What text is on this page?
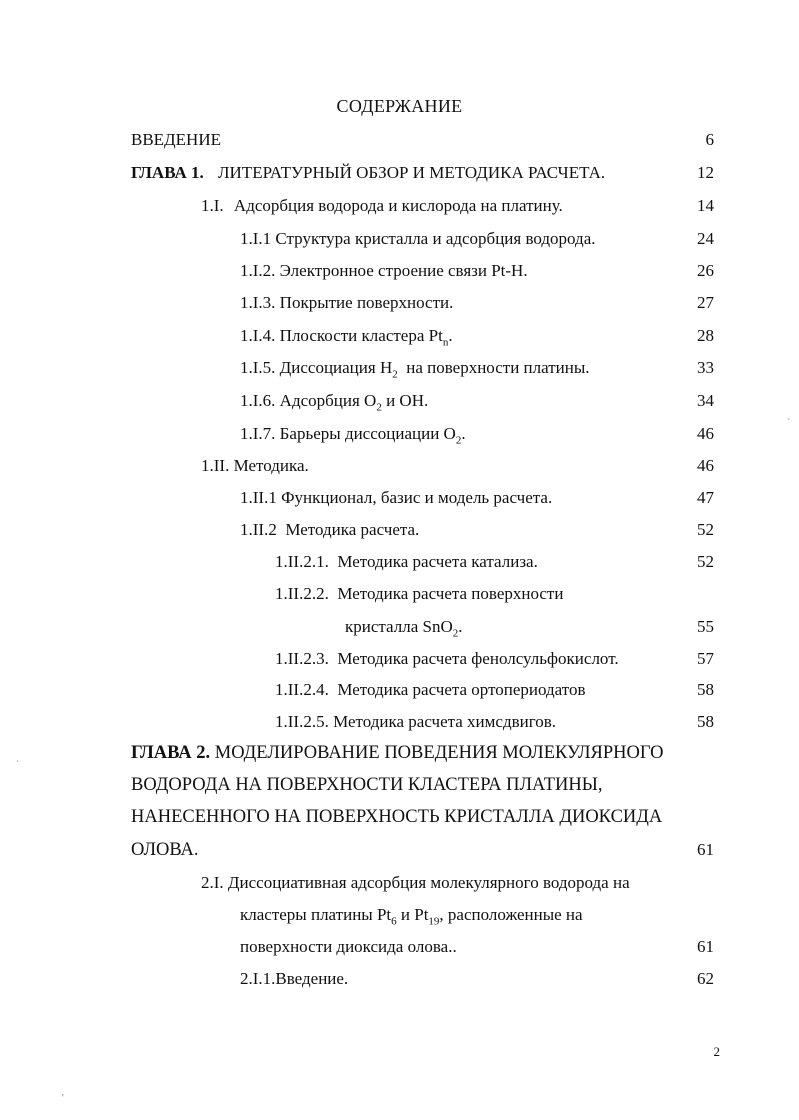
СОДЕРЖАНИЕ
ВВЕДЕНИЕ	6
ГЛАВА 1. ЛИТЕРАТУРНЫЙ ОБЗОР И МЕТОДИКА РАСЧЕТА.	12
1.I. Адсорбция водорода и кислорода на платину.	14
1.I.1 Структура кристалла и адсорбция водорода.	24
1.I.2. Электронное строение связи Pt-H.	26
1.I.3. Покрытие поверхности.	27
1.I.4. Плоскости кластера $Pt_n$.	28
1.I.5. Диссоциация $H_2$  на поверхности платины.	33
1.I.6. Адсорбция $O_2$ и OH.	34
1.I.7. Барьеры диссоциации $O_2$.	46
1.II. Методика.	46
1.II.1 Функционал, базис и модель расчета.	47
1.II.2  Методика расчета.	52
1.II.2.1.  Методика расчета катализа.	52
1.II.2.2.  Методика расчета поверхности
кристалла SnO$_2$.	55
1.II.2.3.  Методика расчета фенолсульфокислот.	57
1.II.2.4.  Методика расчета ортопериодатов	58
1.II.2.5. Методика расчета химсдвигов.	58
ГЛАВА 2. МОДЕЛИРОВАНИЕ ПОВЕДЕНИЯ МОЛЕКУЛЯРНОГО
ВОДОРОДА НА ПОВЕРХНОСТИ КЛАСТЕРА ПЛАТИНЫ,
НАНЕСЕННОГО НА ПОВЕРХНОСТЬ КРИСТАЛЛА ДИОКСИДА
ОЛОВА.	61
2.I. Диссоциативная адсорбция молекулярного водорода на
кластеры платины $Pt_6$ и $Pt_{19}$, расположенные на
поверхности диоксида олова..	61
2.I.1.Введение.	62
2
`
`
'
